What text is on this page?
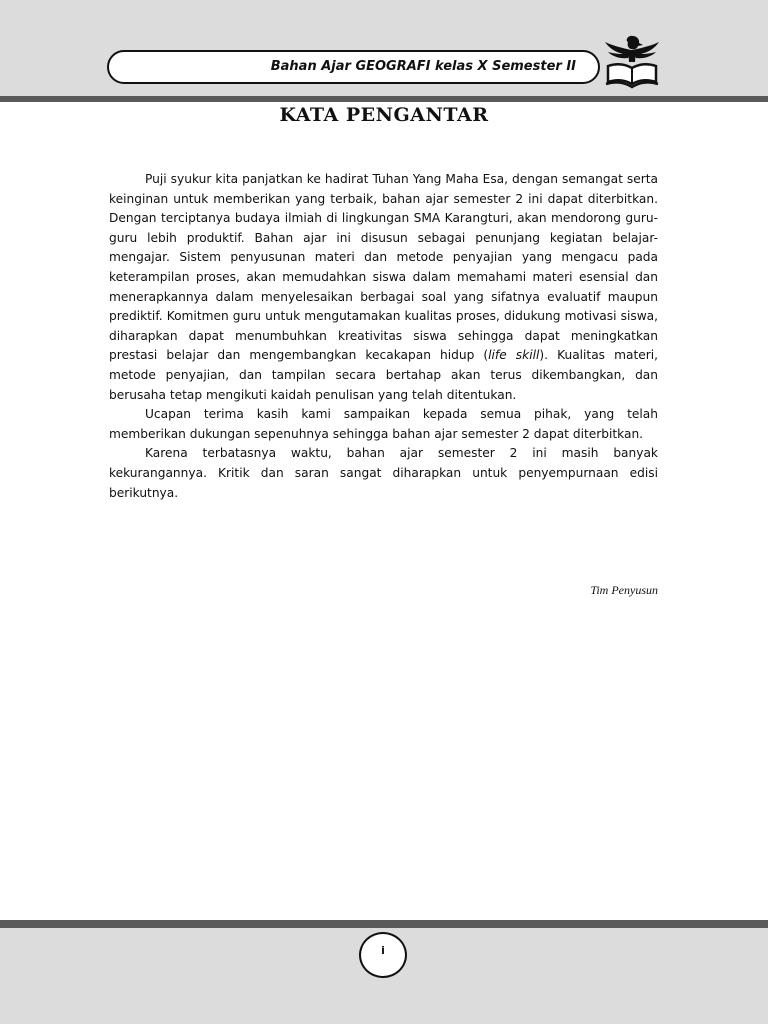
Bahan Ajar GEOGRAFI kelas X Semester II
KATA PENGANTAR

Puji syukur kita panjatkan ke hadirat Tuhan Yang Maha Esa, dengan semangat serta keinginan untuk memberikan yang terbaik, bahan ajar semester 2 ini dapat diterbitkan. Dengan terciptanya budaya ilmiah di lingkungan SMA Karangturi, akan mendorong guru-guru lebih produktif. Bahan ajar ini disusun sebagai penunjang kegiatan belajar-mengajar. Sistem penyusunan materi dan metode penyajian yang mengacu pada keterampilan proses, akan memudahkan siswa dalam memahami materi esensial dan menerapkannya dalam menyelesaikan berbagai soal yang sifatnya evaluatif maupun prediktif. Komitmen guru untuk mengutamakan kualitas proses, didukung motivasi siswa, diharapkan dapat menumbuhkan kreativitas siswa sehingga dapat meningkatkan prestasi belajar dan mengembangkan kecakapan hidup (life skill). Kualitas materi, metode penyajian, dan tampilan secara bertahap akan terus dikembangkan, dan berusaha tetap mengikuti kaidah penulisan yang telah ditentukan.

Ucapan terima kasih kami sampaikan kepada semua pihak, yang telah memberikan dukungan sepenuhnya sehingga bahan ajar semester 2 dapat diterbitkan.

Karena terbatasnya waktu, bahan ajar semester 2 ini masih banyak kekurangannya. Kritik dan saran sangat diharapkan untuk penyempurnaan edisi berikutnya.

Tim Penyusun
i
